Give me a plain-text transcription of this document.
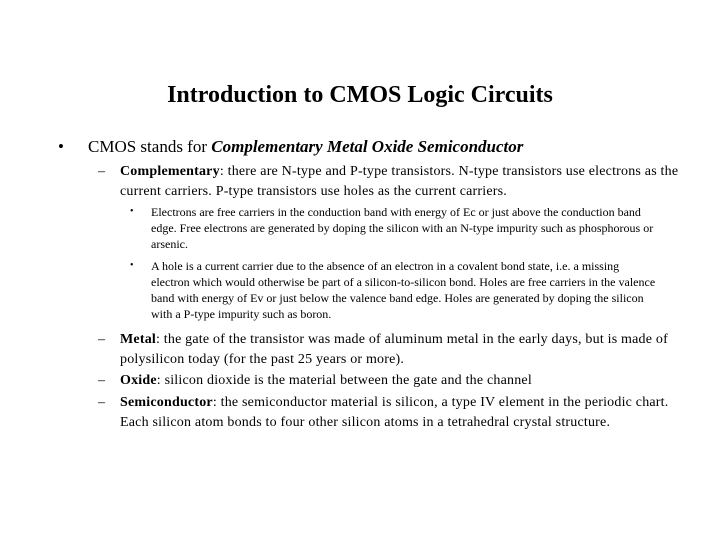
Introduction to CMOS Logic Circuits
• CMOS stands for Complementary Metal Oxide Semiconductor
– Complementary: there are N-type and P-type transistors. N-type transistors use electrons as the current carriers. P-type transistors use holes as the current carriers.
• Electrons are free carriers in the conduction band with energy of Ec or just above the conduction band edge. Free electrons are generated by doping the silicon with an N-type impurity such as phosphorous or arsenic.
• A hole is a current carrier due to the absence of an electron in a covalent bond state, i.e. a missing electron which would otherwise be part of a silicon-to-silicon bond. Holes are free carriers in the valence band with energy of Ev or just below the valence band edge. Holes are generated by doping the silicon with a P-type impurity such as boron.
– Metal: the gate of the transistor was made of aluminum metal in the early days, but is made of polysilicon today (for the past 25 years or more).
– Oxide: silicon dioxide is the material between the gate and the channel
– Semiconductor: the semiconductor material is silicon, a type IV element in the periodic chart. Each silicon atom bonds to four other silicon atoms in a tetrahedral crystal structure.
